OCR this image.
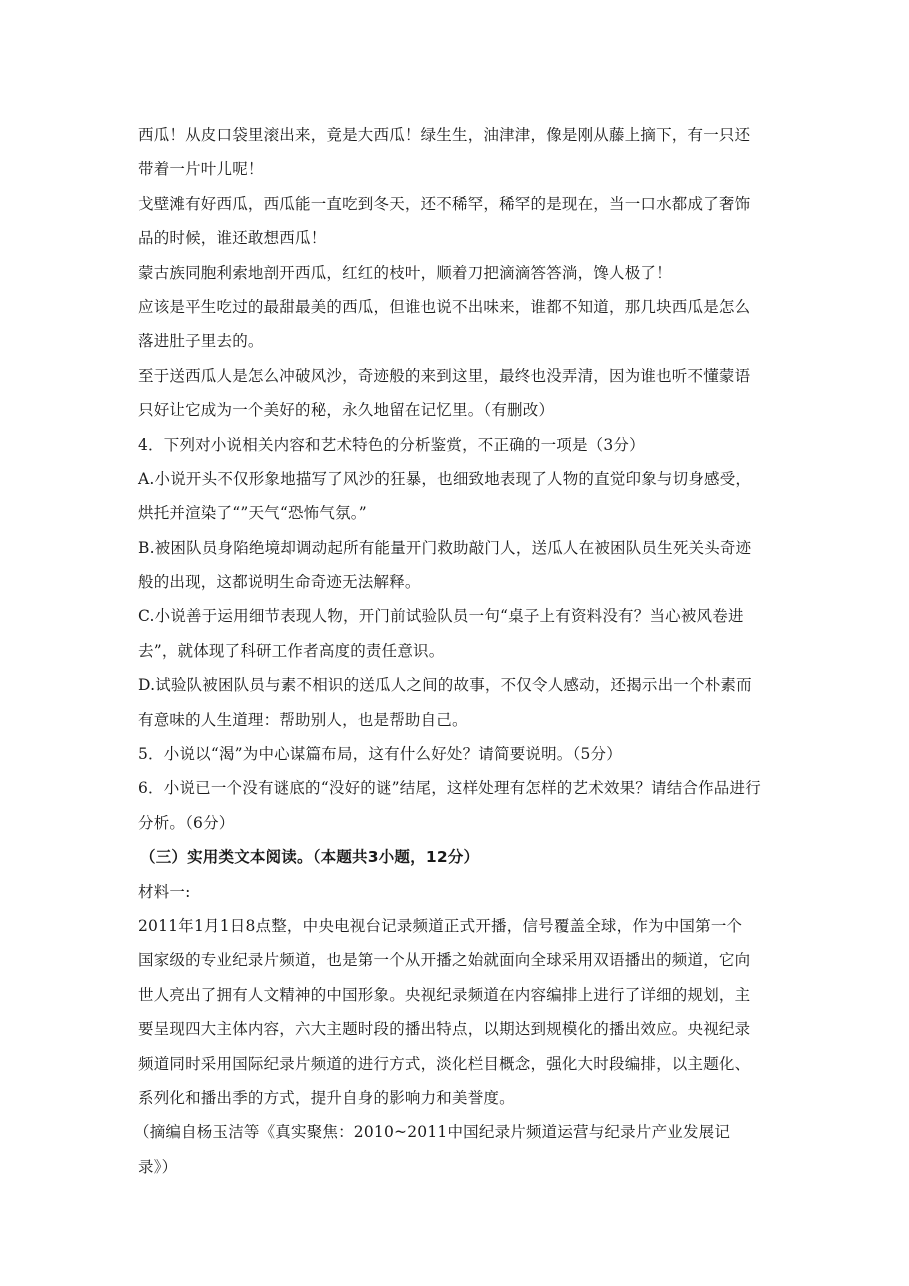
西瓜！从皮口袋里滚出来，竟是大西瓜！绿生生，油津津，像是刚从藤上摘下，有一只还
带着一片叶儿呢！
戈壁滩有好西瓜，西瓜能一直吃到冬天，还不稀罕，稀罕的是现在，当一口水都成了奢饰
品的时候，谁还敢想西瓜！
蒙古族同胞利索地剖开西瓜，红红的枝叶，顺着刀把滴滴答答淌，馋人极了！
应该是平生吃过的最甜最美的西瓜，但谁也说不出味来，谁都不知道，那几块西瓜是怎么
落进肚子里去的。
至于送西瓜人是怎么冲破风沙，奇迹般的来到这里，最终也没弄清，因为谁也听不懂蒙语
只好让它成为一个美好的秘，永久地留在记忆里。（有删改）
4．下列对小说相关内容和艺术特色的分析鉴赏，不正确的一项是（3分）
A.小说开头不仅形象地描写了风沙的狂暴，也细致地表现了人物的直觉印象与切身感受，
烘托并渲染了“”天气“恐怖气氛。”
B.被困队员身陷绝境却调动起所有能量开门救助敲门人，送瓜人在被困队员生死关头奇迹
般的出现，这都说明生命奇迹无法解释。
C.小说善于运用细节表现人物，开门前试验队员一句“桌子上有资料没有？当心被风卷进
去”，就体现了科研工作者高度的责任意识。
D.试验队被困队员与素不相识的送瓜人之间的故事，不仅令人感动，还揭示出一个朴素而
有意味的人生道理：帮助别人，也是帮助自己。
5．小说以“渴”为中心谋篇布局，这有什么好处？请简要说明。（5分）
6．小说已一个没有谜底的“没好的谜”结尾，这样处理有怎样的艺术效果？请结合作品进行
分析。（6分）
（三）实用类文本阅读。（本题共3小题，12分）
材料一:
2011年1月1日8点整，中央电视台记录频道正式开播，信号覆盖全球，作为中国第一个
国家级的专业纪录片频道，也是第一个从开播之始就面向全球采用双语播出的频道，它向
世人亮出了拥有人文精神的中国形象。央视纪录频道在内容编排上进行了详细的规划，主
要呈现四大主体内容，六大主题时段的播出特点，以期达到规模化的播出效应。央视纪录
频道同时采用国际纪录片频道的进行方式，淡化栏目概念，强化大时段编排，以主题化、
系列化和播出季的方式，提升自身的影响力和美誉度。
（摘编自杨玉洁等《真实聚焦：2010~2011中国纪录片频道运营与纪录片产业发展记
录》）
